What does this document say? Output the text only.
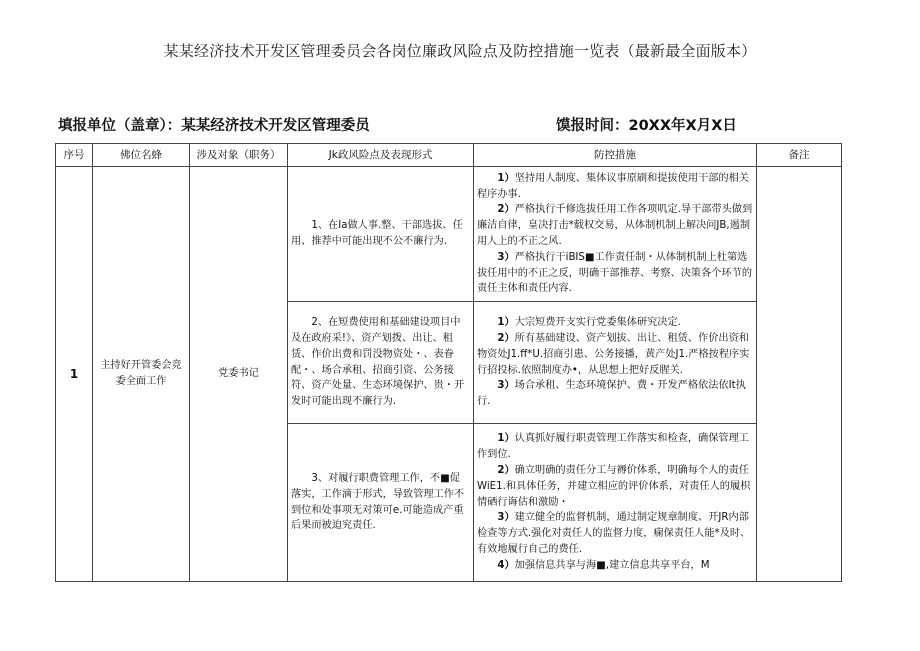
某某经济技术开发区管理委员会各岗位廉政风险点及防控措施一览表（最新最全面版本）
填报单位（盖章）：某某经济技术开发区管理委员	馍报时间：20XX年X月X日
序号	佛位名蜂	涉及对象（职务）	Jk政风险点及表现形式	防控措施	备注
1	主持好开管委会竞委全面工作	党委书记	1、在Ia做人事.整、干部选拔、任用、推荐中可能出现不公不廉行为.	1）坚持用人制度、集体议事原刷和提拔使用干部的相关程序办事.

2）严格执行千修选拔任用工作各项叽定.导干部带头做到廉洁自律，皇决打击*载权交易，从体制机制上解决问JB,遏制用人上的不正之风.

3）严格执行干iBIS■工作责任制・从体制机制上杜第选拔任用中的不正之反，明确干部推荐、考察、决策各个环节的责任主体和责任内容.	

			2、在短费使用和基础建设项目中及在政府采!》、资产划拨、出让、租赁、作价出费和罚没物资处・、表眷配・、场合承租、招商引资、公务接符、资产处量、生态环境保护、贵・开发时可能出现不廉行为.	1）大宗短费开支实行党委集体研究决定.

2）所有基础建设、资产划拔、出让、租赁、作价出资和物资处J1.ff*U.招商引患、公务接播，黄产处J1.严格按程序实行招投标.依照制度办•，从思想上把好反腥关.

3）场合承租、生态环境保护、费・开发严格依法依It执行.	

			3、对履行职费管理工作，不■促落实，工作滴于形式，导致管理工作不到位和处事项无对策可e.可能造成产重后果而被迫究责任.	1）认真抓好履行职责管理工作落实和检查，确保管理工作到位.

2）确立明确的责任分工与褥价体系，明确每个人的责任WiE1.和具体任务，并建立相应的评价体系，对责任人的履枳情硒行诲估和激励・

3）建立健全的监督机制，通过制定规章制度、开JR内部检查等方式.强化对责任人的监督力度，痫保责任人能*及时、有效地履行自己的费任.

4）加强信息共享与海■,建立信息共享平台，M	
